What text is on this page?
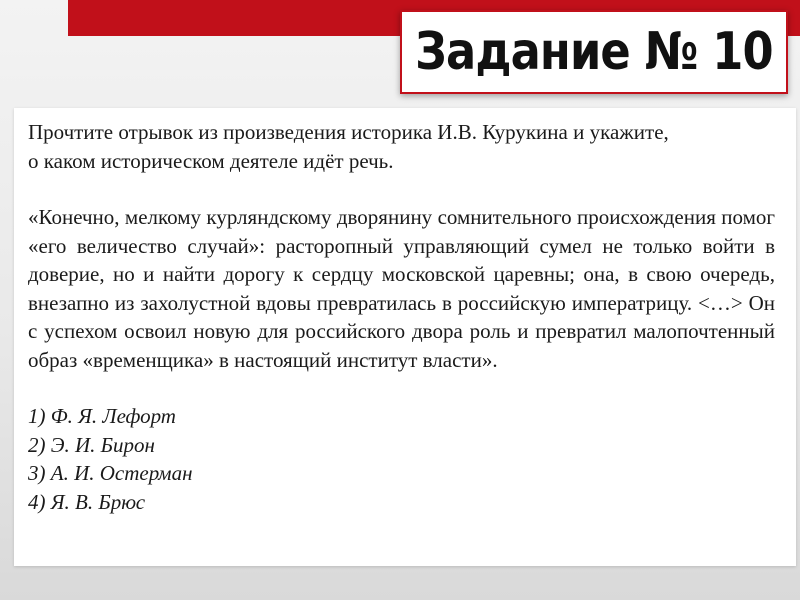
Задание № 10

Прочтите отрывок из произведения историка И.В. Курукина и укажите,
о каком историческом деятеле идёт речь.

«Конечно, мелкому курляндскому дворянину сомнительного происхождения помог «его величество случай»: расторопный управляющий сумел не только войти в доверие, но и найти дорогу к сердцу московской царевны; она, в свою очередь, внезапно из захолустной вдовы превратилась в российскую императрицу. <…> Он с успехом освоил новую для российского двора роль и превратил малопочтенный образ «временщика» в настоящий институт власти».

1) Ф. Я. Лефорт
2) Э. И. Бирон
3) А. И. Остерман
4) Я. В. Брюс
